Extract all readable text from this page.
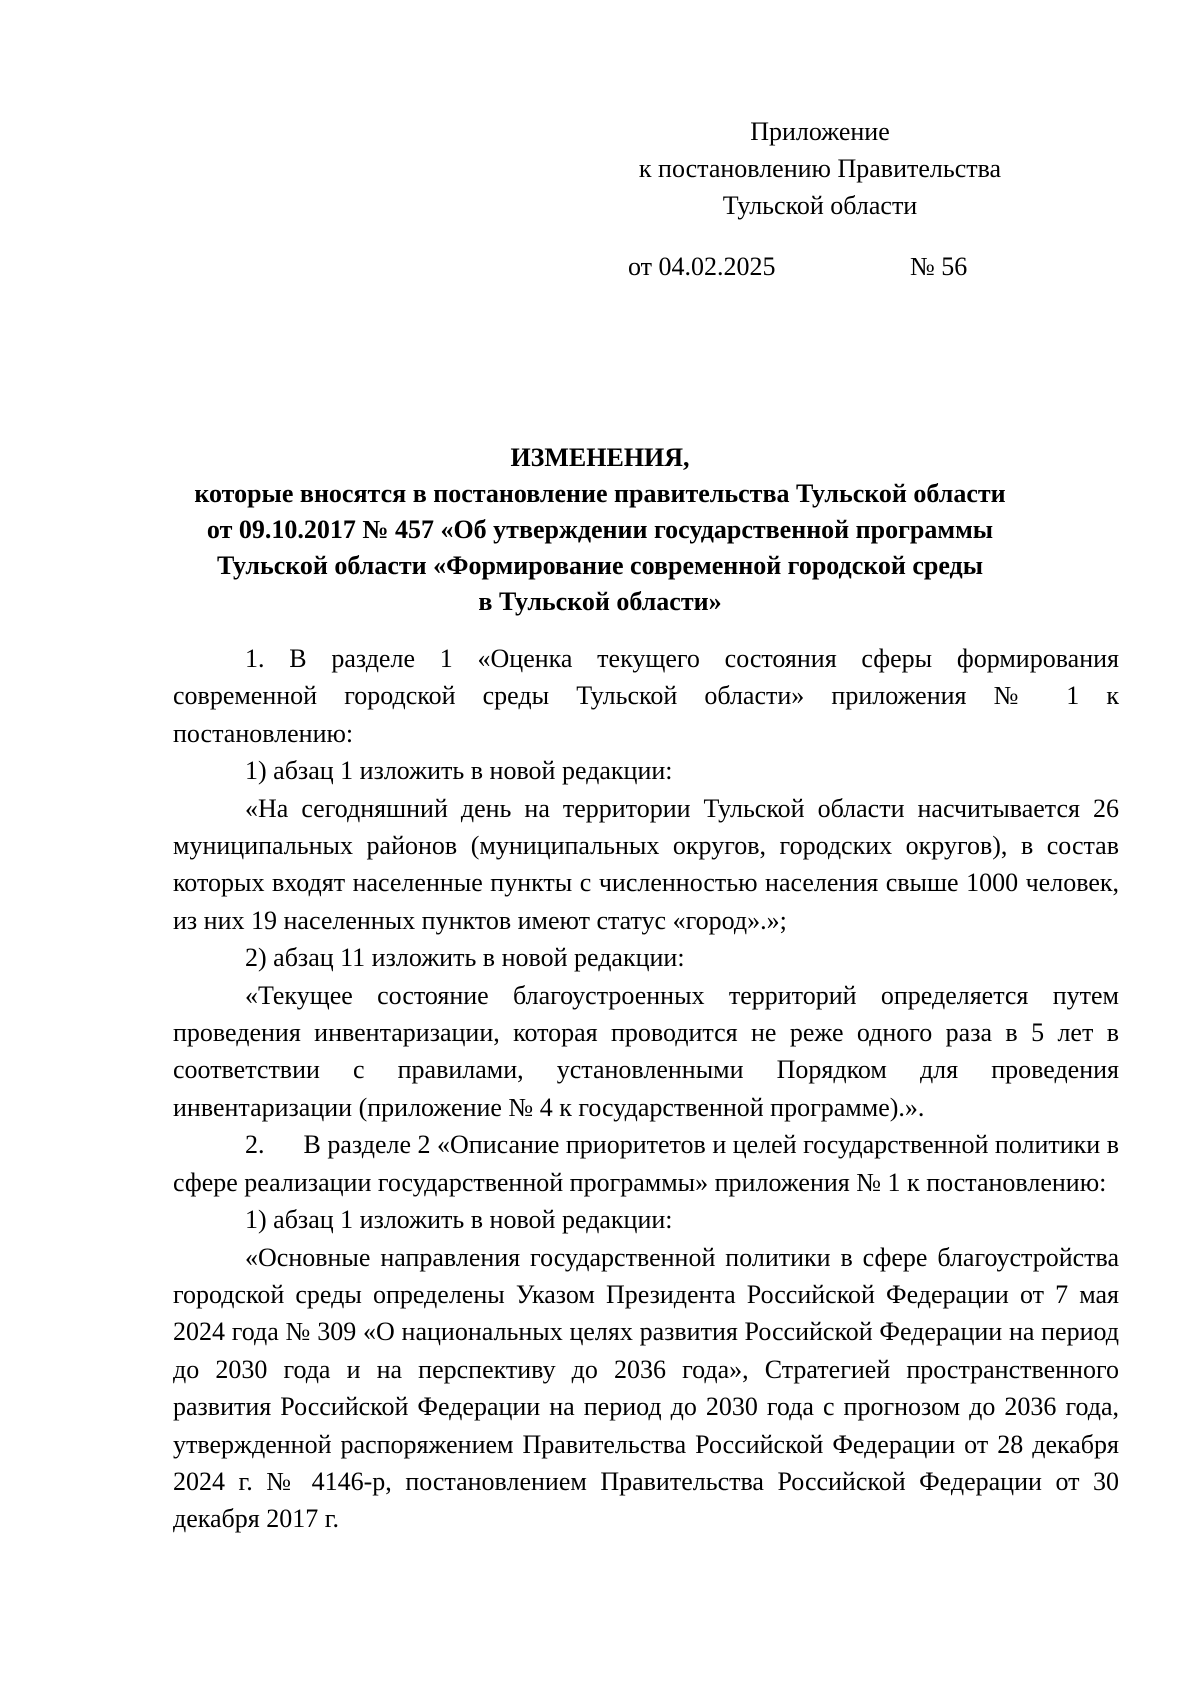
Приложение
к постановлению Правительства
Тульской области
от 04.02.2025	№ 56
ИЗМЕНЕНИЯ,
которые вносятся в постановление правительства Тульской области
от 09.10.2017 № 457 «Об утверждении государственной программы
Тульской области «Формирование современной городской среды
в Тульской области»

1. В разделе 1 «Оценка текущего состояния сферы формирования современной городской среды Тульской области» приложения № 1 к постановлению:

1) абзац 1 изложить в новой редакции:

«На сегодняшний день на территории Тульской области насчитывается 26 муниципальных районов (муниципальных округов, городских округов), в состав которых входят населенные пункты с численностью населения свыше 1000 человек, из них 19 населенных пунктов имеют статус «город».»;

2) абзац 11 изложить в новой редакции:

«Текущее состояние благоустроенных территорий определяется путем проведения инвентаризации, которая проводится не реже одного раза в 5 лет в соответствии с правилами, установленными Порядком для проведения инвентаризации (приложение № 4 к государственной программе).».

2.      В разделе 2 «Описание приоритетов и целей государственной политики в сфере реализации государственной программы» приложения № 1 к постановлению:

1) абзац 1 изложить в новой редакции:

«Основные направления государственной политики в сфере благоустройства городской среды определены Указом Президента Российской Федерации от 7 мая 2024 года № 309 «О национальных целях развития Российской Федерации на период до 2030 года и на перспективу до 2036 года», Стратегией пространственного развития Российской Федерации на период до 2030 года с прогнозом до 2036 года, утвержденной распоряжением Правительства Российской Федерации от 28 декабря 2024 г. № 4146-р, постановлением Правительства Российской Федерации от 30 декабря 2017 г.
